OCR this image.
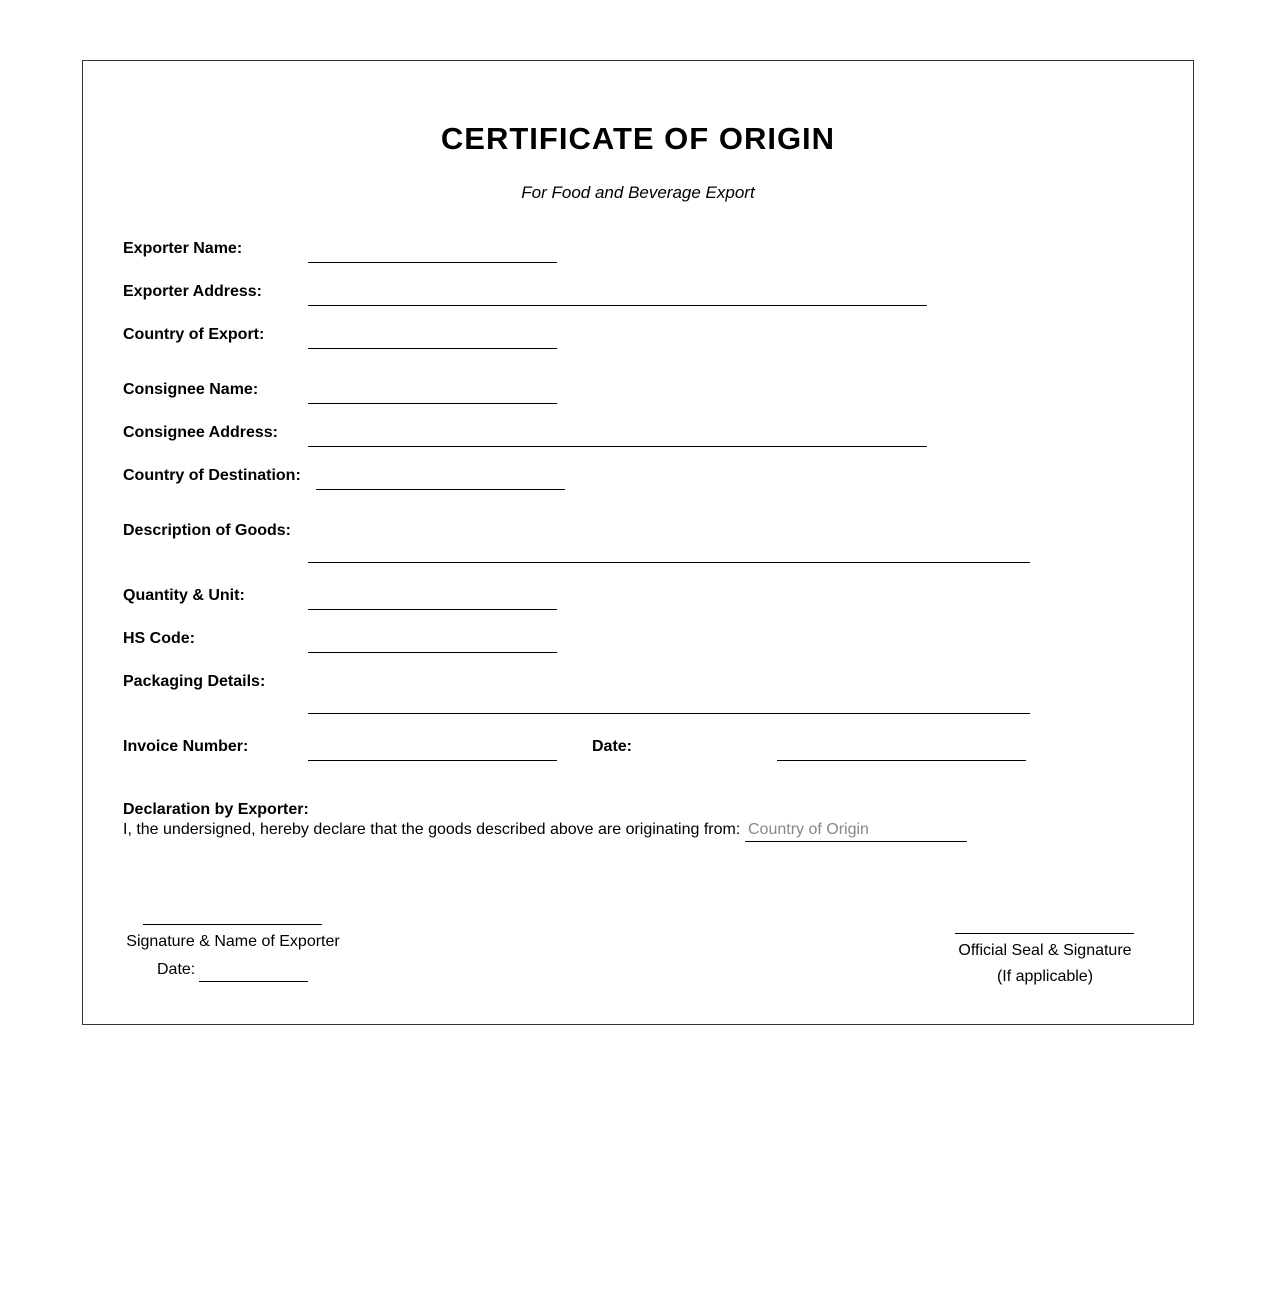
CERTIFICATE OF ORIGIN
For Food and Beverage Export
Exporter Name:
Exporter Address:
Country of Export:
Consignee Name:
Consignee Address:
Country of Destination:
Description of Goods:
Quantity & Unit:
HS Code:
Packaging Details:
Invoice Number:	Date:
Declaration by Exporter:
I, the undersigned, hereby declare that the goods described above are originating from: Country of Origin
Signature & Name of Exporter
Date:
Official Seal & Signature
(If applicable)
